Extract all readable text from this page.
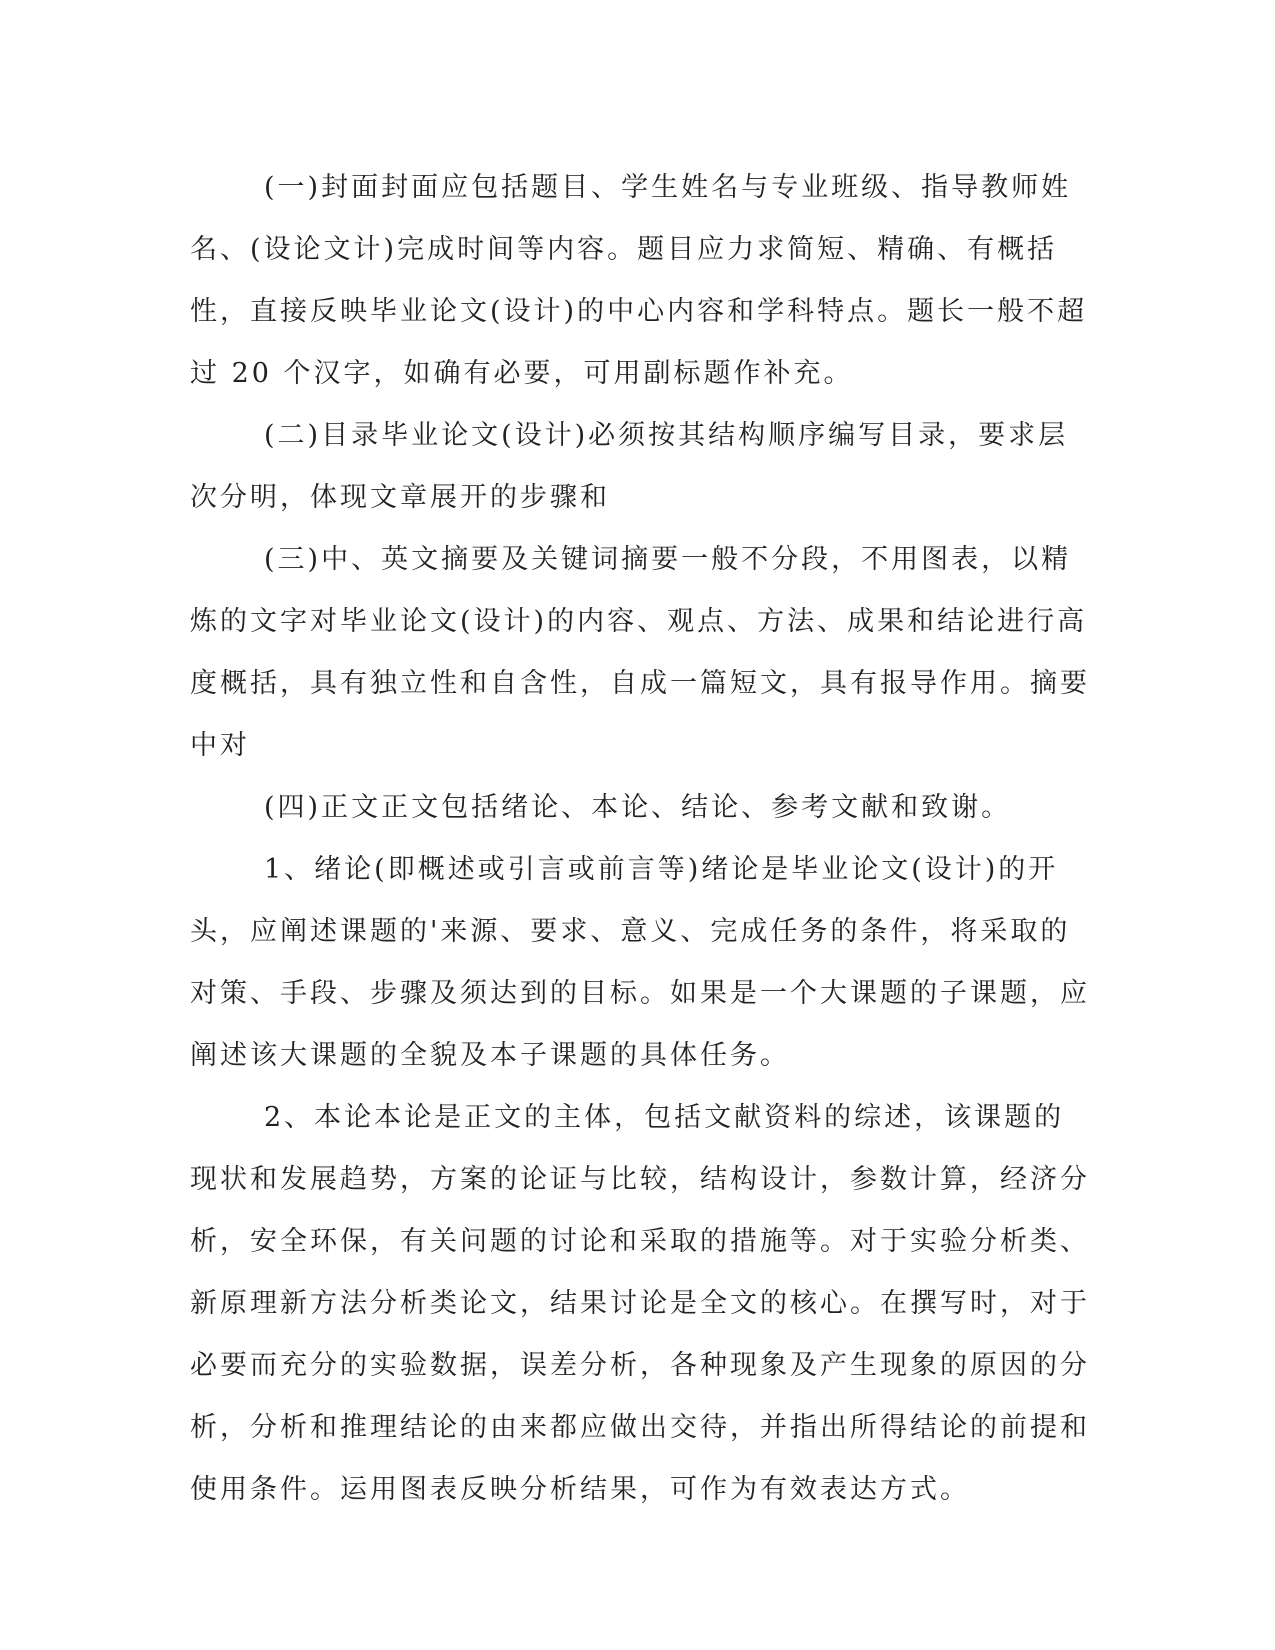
(一)封面封面应包括题目、学生姓名与专业班级、指导教师姓名、(设论文计)完成时间等内容。题目应力求简短、精确、有概括性，直接反映毕业论文(设计)的中心内容和学科特点。题长一般不超过 20 个汉字，如确有必要，可用副标题作补充。

(二)目录毕业论文(设计)必须按其结构顺序编写目录，要求层次分明，体现文章展开的步骤和

(三)中、英文摘要及关键词摘要一般不分段，不用图表，以精炼的文字对毕业论文(设计)的内容、观点、方法、成果和结论进行高度概括，具有独立性和自含性，自成一篇短文，具有报导作用。摘要中对

(四)正文正文包括绪论、本论、结论、参考文献和致谢。

1、绪论(即概述或引言或前言等)绪论是毕业论文(设计)的开头，应阐述课题的'来源、要求、意义、完成任务的条件，将采取的对策、手段、步骤及须达到的目标。如果是一个大课题的子课题，应阐述该大课题的全貌及本子课题的具体任务。

2、本论本论是正文的主体，包括文献资料的综述，该课题的现状和发展趋势，方案的论证与比较，结构设计，参数计算，经济分析，安全环保，有关问题的讨论和采取的措施等。对于实验分析类、新原理新方法分析类论文，结果讨论是全文的核心。在撰写时，对于必要而充分的实验数据，误差分析，各种现象及产生现象的原因的分析，分析和推理结论的由来都应做出交待，并指出所得结论的前提和使用条件。运用图表反映分析结果，可作为有效表达方式。
